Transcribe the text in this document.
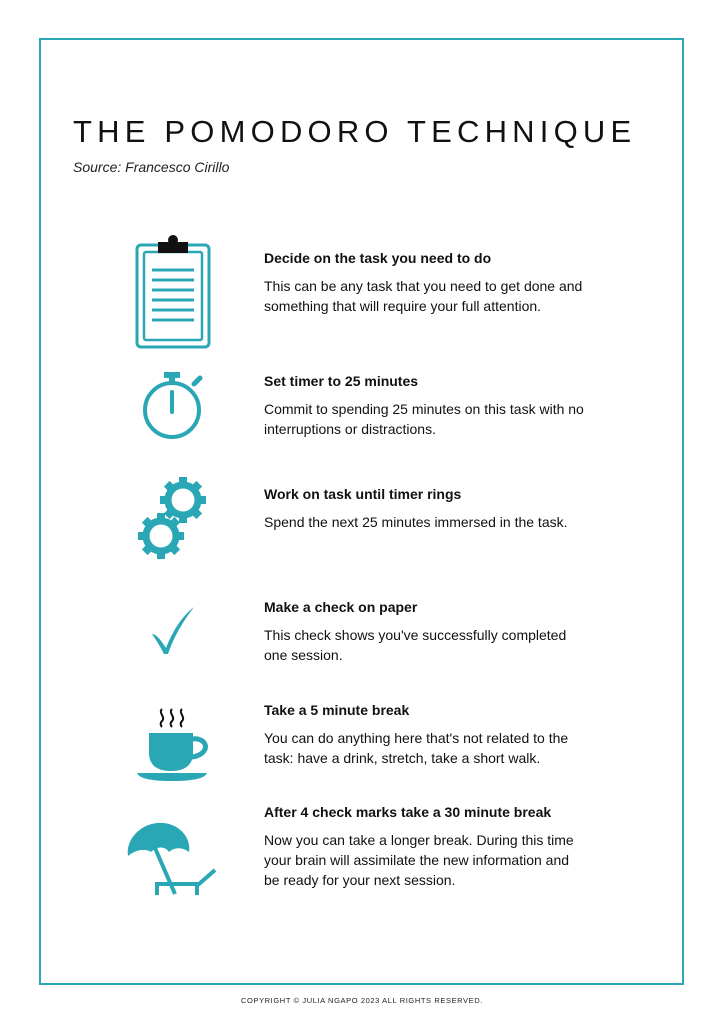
THE POMODORO TECHNIQUE
Source: Francesco Cirillo

Decide on the task you need to do

This can be any task that you need to get done and something that will require your full attention.

Set timer to 25 minutes

Commit to spending 25 minutes on this task with no interruptions or distractions.

Work on task until timer rings

Spend the next 25 minutes immersed in the task.

Make a check on paper

This check shows you've successfully completed one session.

Take a 5 minute break

You can do anything here that's not related to the task: have a drink, stretch, take a short walk.

After 4 check marks take a 30 minute break

Now you can take a longer break. During this time your brain will assimilate the new information and be ready for your next session.

COPYRIGHT © JULIA NGAPO 2023 ALL RIGHTS RESERVED.
